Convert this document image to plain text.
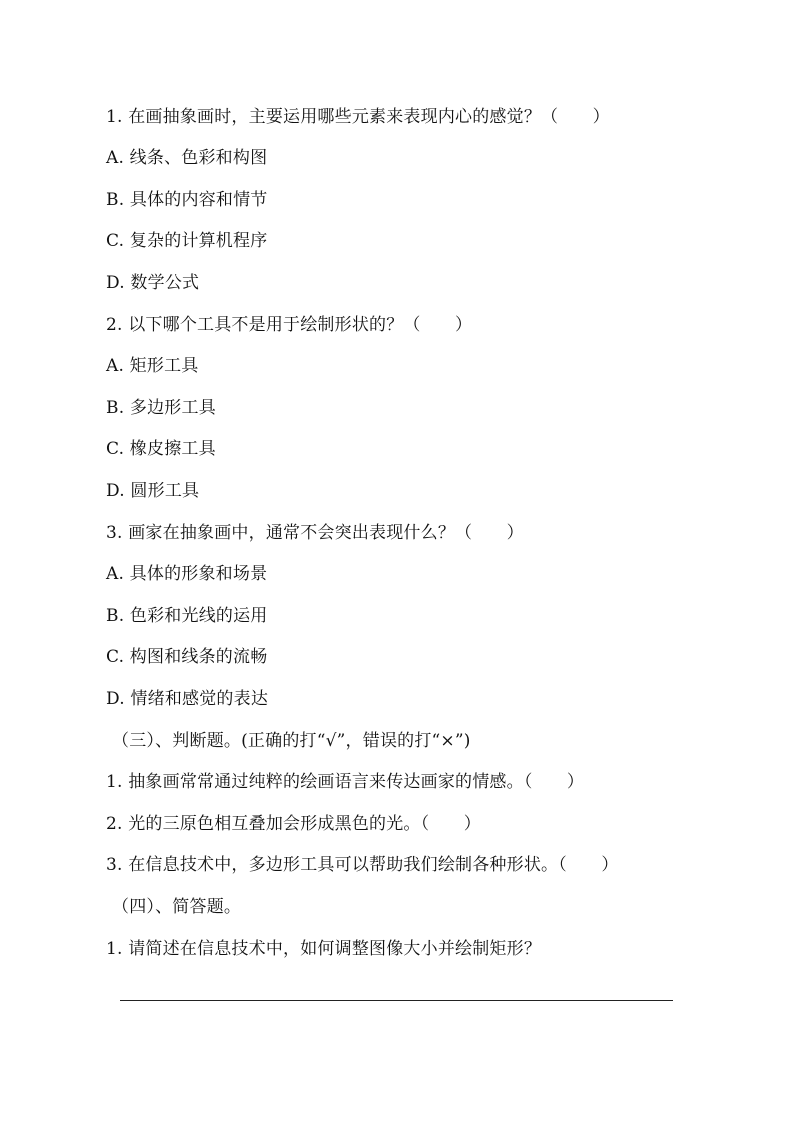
1. 在画抽象画时，主要运用哪些元素来表现内心的感觉？（　　）
A. 线条、色彩和构图
B. 具体的内容和情节
C. 复杂的计算机程序
D. 数学公式
2. 以下哪个工具不是用于绘制形状的？（　　）
A. 矩形工具
B. 多边形工具
C. 橡皮擦工具
D. 圆形工具
3. 画家在抽象画中，通常不会突出表现什么？（　　）
A. 具体的形象和场景
B. 色彩和光线的运用
C. 构图和线条的流畅
D. 情绪和感觉的表达
（三）、判断题。(正确的打“√”，错误的打“×”)
1. 抽象画常常通过纯粹的绘画语言来传达画家的情感。（　　）
2. 光的三原色相互叠加会形成黑色的光。（　　）
3. 在信息技术中，多边形工具可以帮助我们绘制各种形状。（　　）
（四）、简答题。
1. 请简述在信息技术中，如何调整图像大小并绘制矩形？
